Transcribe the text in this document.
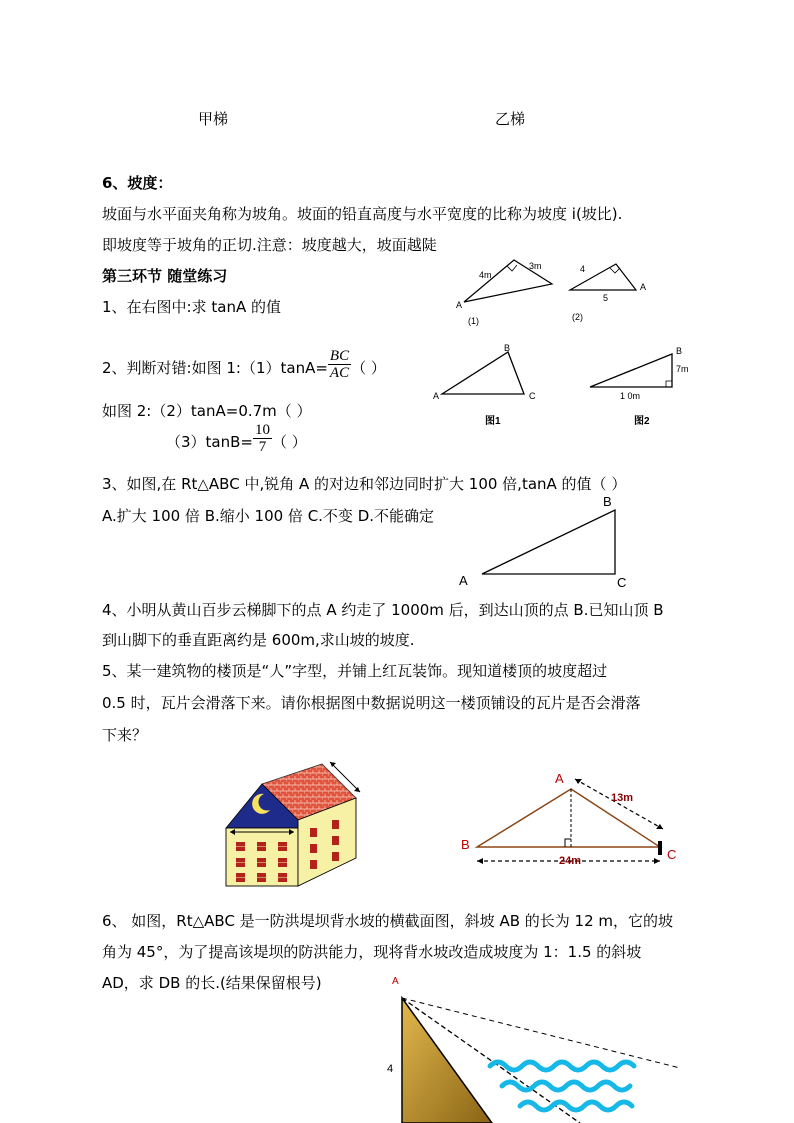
甲梯	乙梯
6、坡度：
坡面与水平面夹角称为坡角。坡面的铅直高度与水平宽度的比称为坡度 i(坡比).
即坡度等于坡角的正切.注意：坡度越大，坡面越陡
第三环节 随堂练习
1、在右图中:求 tanA 的值
4m
3m
A
(1)
4
5
A
(2)
2、判断对错:如图 1:（1）tanA= $\frac{BC}{AC}$ （ ）
如图 2:（2）tanA=0.7m（ ）
$(3)\tan B= \frac{10}{7}$ （ ）
A
B
C
图1
B
7m
1 0m
图2
3、如图,在 Rt△ABC 中,锐角 A 的对边和邻边同时扩大 100 倍,tanA 的值（ ）
A.扩大 100 倍 B.缩小 100 倍 C.不变 D.不能确定
A
B
C
4、小明从黄山百步云梯脚下的点 A 约走了 1000m 后，到达山顶的点 B.已知山顶 B
到山脚下的垂直距离约是 600m,求山坡的坡度.
5、某一建筑物的楼顶是“人”字型，并铺上红瓦装饰。现知道楼顶的坡度超过
0.5 时，瓦片会滑落下来。请你根据图中数据说明这一楼顶铺设的瓦片是否会滑落
下来？
A
B
C
13m
24m
6、 如图，Rt△ABC 是一防洪堤坝背水坡的横截面图，斜坡 AB 的长为 12 m，它的坡
角为 45°，为了提高该堤坝的防洪能力，现将背水坡改造成坡度为 1：1.5 的斜坡
AD，求 DB 的长.(结果保留根号)	A
4
